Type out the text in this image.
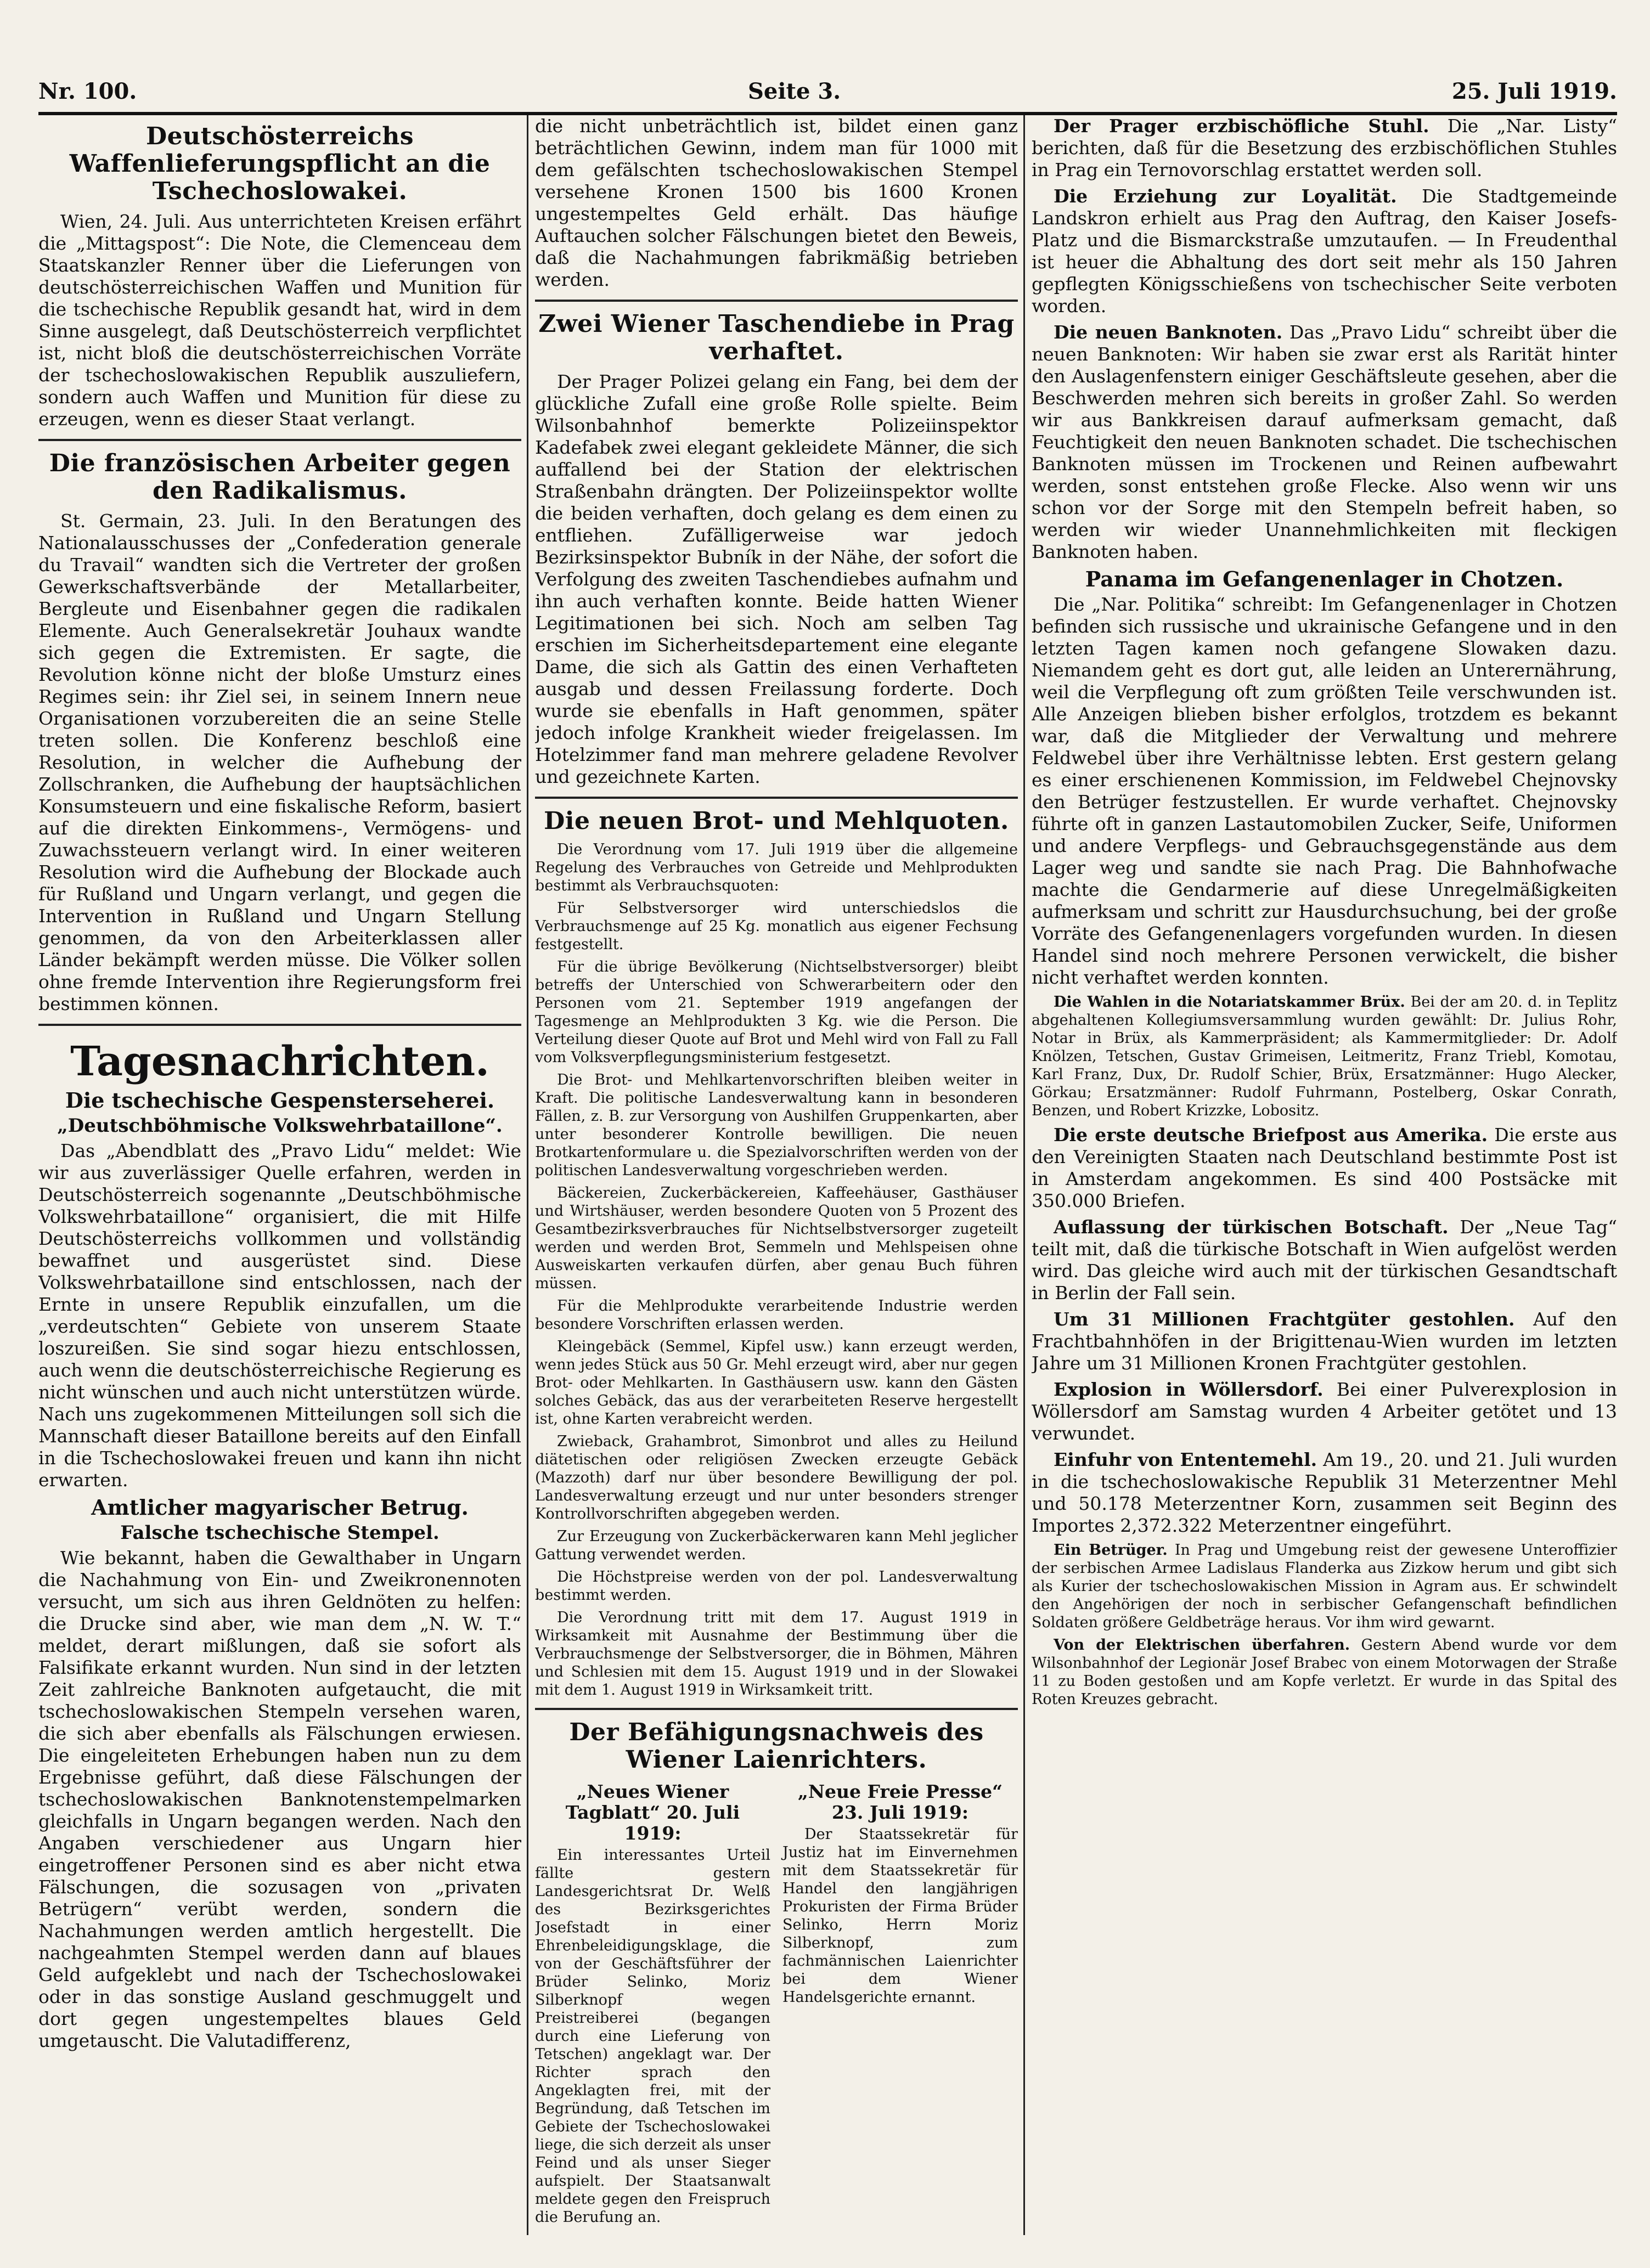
Nr. 100.	Seite 3.	25. Juli 1919.
Deutschösterreichs Waffenlieferungspflicht an die Tschechoslowakei.

Wien, 24. Juli. Aus unterrichteten Kreisen erfährt die „Mittagspost“: Die Note, die Clemenceau dem Staatskanzler Renner über die Lieferungen von deutschösterreichischen Waffen und Munition für die tschechische Republik gesandt hat, wird in dem Sinne ausgelegt, daß Deutschösterreich verpflichtet ist, nicht bloß die deutschösterreichischen Vorräte der tschechoslowakischen Republik auszuliefern, sondern auch Waffen und Munition für diese zu erzeugen, wenn es dieser Staat verlangt.

Die französischen Arbeiter gegen den Radikalismus.

St. Germain, 23. Juli. In den Beratungen des Nationalausschusses der „Confederation generale du Travail“ wandten sich die Vertreter der großen Gewerkschaftsverbände der Metallarbeiter, Bergleute und Eisenbahner gegen die radikalen Elemente. Auch Generalsekretär Jouhaux wandte sich gegen die Extremisten. Er sagte, die Revolution könne nicht der bloße Umsturz eines Regimes sein: ihr Ziel sei, in seinem Innern neue Organisationen vorzubereiten die an seine Stelle treten sollen. Die Konferenz beschloß eine Resolution, in welcher die Aufhebung der Zollschranken, die Aufhebung der hauptsächlichen Konsumsteuern und eine fiskalische Reform, basiert auf die direkten Einkommens-, Vermögens- und Zuwachssteuern verlangt wird. In einer weiteren Resolution wird die Aufhebung der Blockade auch für Rußland und Ungarn verlangt, und gegen die Intervention in Rußland und Ungarn Stellung genommen, da von den Arbeiterklassen aller Länder bekämpft werden müsse. Die Völker sollen ohne fremde Intervention ihre Regierungsform frei bestimmen können.

Tagesnachrichten.
Die tschechische Gespensterseherei.
„Deutschböhmische Volkswehrbataillone“.

Das „Abendblatt des „Pravo Lidu“ meldet: Wie wir aus zuverlässiger Quelle erfahren, werden in Deutschösterreich sogenannte „Deutschböhmische Volkswehrbataillone“ organisiert, die mit Hilfe Deutschösterreichs vollkommen und vollständig bewaffnet und ausgerüstet sind. Diese Volkswehrbataillone sind entschlossen, nach der Ernte in unsere Republik einzufallen, um die „verdeutschten“ Gebiete von unserem Staate loszureißen. Sie sind sogar hiezu entschlossen, auch wenn die deutschösterreichische Regierung es nicht wünschen und auch nicht unterstützen würde. Nach uns zugekommenen Mitteilungen soll sich die Mannschaft dieser Bataillone bereits auf den Einfall in die Tschechoslowakei freuen und kann ihn nicht erwarten.

Amtlicher magyarischer Betrug.
Falsche tschechische Stempel.

Wie bekannt, haben die Gewalthaber in Ungarn die Nachahmung von Ein- und Zweikronennoten versucht, um sich aus ihren Geldnöten zu helfen: die Drucke sind aber, wie man dem „N. W. T.“ meldet, derart mißlungen, daß sie sofort als Falsifikate erkannt wurden. Nun sind in der letzten Zeit zahlreiche Banknoten aufgetaucht, die mit tschechoslowakischen Stempeln versehen waren, die sich aber ebenfalls als Fälschungen erwiesen. Die eingeleiteten Erhebungen haben nun zu dem Ergebnisse geführt, daß diese Fälschungen der tschechoslowakischen Banknotenstempelmarken gleichfalls in Ungarn begangen werden. Nach den Angaben verschiedener aus Ungarn hier eingetroffener Personen sind es aber nicht etwa Fälschungen, die sozusagen von „privaten Betrügern“ verübt werden, sondern die Nachahmungen werden amtlich hergestellt. Die nachgeahmten Stempel werden dann auf blaues Geld aufgeklebt und nach der Tschechoslowakei oder in das sonstige Ausland geschmuggelt und dort gegen ungestempeltes blaues Geld umgetauscht. Die Valutadifferenz,

die nicht unbeträchtlich ist, bildet einen ganz beträchtlichen Gewinn, indem man für 1000 mit dem gefälschten tschechoslowakischen Stempel versehene Kronen 1500 bis 1600 Kronen ungestempeltes Geld erhält. Das häufige Auftauchen solcher Fälschungen bietet den Beweis, daß die Nachahmungen fabrikmäßig betrieben werden.

Zwei Wiener Taschendiebe in Prag verhaftet.

Der Prager Polizei gelang ein Fang, bei dem der glückliche Zufall eine große Rolle spielte. Beim Wilsonbahnhof bemerkte Polizeiinspektor Kadefabek zwei elegant gekleidete Männer, die sich auffallend bei der Station der elektrischen Straßenbahn drängten. Der Polizeiinspektor wollte die beiden verhaften, doch gelang es dem einen zu entfliehen. Zufälligerweise war jedoch Bezirksinspektor Bubník in der Nähe, der sofort die Verfolgung des zweiten Taschendiebes aufnahm und ihn auch verhaften konnte. Beide hatten Wiener Legitimationen bei sich. Noch am selben Tag erschien im Sicherheitsdepartement eine elegante Dame, die sich als Gattin des einen Verhafteten ausgab und dessen Freilassung forderte. Doch wurde sie ebenfalls in Haft genommen, später jedoch infolge Krankheit wieder freigelassen. Im Hotelzimmer fand man mehrere geladene Revolver und gezeichnete Karten.

Die neuen Brot- und Mehlquoten.

Die Verordnung vom 17. Juli 1919 über die allgemeine Regelung des Verbrauches von Getreide und Mehlprodukten bestimmt als Verbrauchsquoten:

Für Selbstversorger wird unterschiedslos die Verbrauchsmenge auf 25 Kg. monatlich aus eigener Fechsung festgestellt.

Für die übrige Bevölkerung (Nichtselbstversorger) bleibt betreffs der Unterschied von Schwerarbeitern oder den Personen vom 21. September 1919 angefangen der Tagesmenge an Mehlprodukten 3 Kg. wie die Person. Die Verteilung dieser Quote auf Brot und Mehl wird von Fall zu Fall vom Volksverpflegungsministerium festgesetzt.

Die Brot- und Mehlkartenvorschriften bleiben weiter in Kraft. Die politische Landesverwaltung kann in besonderen Fällen, z. B. zur Versorgung von Aushilfen Gruppenkarten, aber unter besonderer Kontrolle bewilligen. Die neuen Brotkartenformulare u. die Spezialvorschriften werden von der politischen Landesverwaltung vorgeschrieben werden.

Bäckereien, Zuckerbäckereien, Kaffeehäuser, Gasthäuser und Wirtshäuser, werden besondere Quoten von 5 Prozent des Gesamtbezirksverbrauches für Nichtselbstversorger zugeteilt werden und werden Brot, Semmeln und Mehlspeisen ohne Ausweiskarten verkaufen dürfen, aber genau Buch führen müssen.

Für die Mehlprodukte verarbeitende Industrie werden besondere Vorschriften erlassen werden.

Kleingebäck (Semmel, Kipfel usw.) kann erzeugt werden, wenn jedes Stück aus 50 Gr. Mehl erzeugt wird, aber nur gegen Brot- oder Mehlkarten. In Gasthäusern usw. kann den Gästen solches Gebäck, das aus der verarbeiteten Reserve hergestellt ist, ohne Karten verabreicht werden.

Zwieback, Grahambrot, Simonbrot und alles zu Heilund diätetischen oder religiösen Zwecken erzeugte Gebäck (Mazzoth) darf nur über besondere Bewilligung der pol. Landesverwaltung erzeugt und nur unter besonders strenger Kontrollvorschriften abgegeben werden.

Zur Erzeugung von Zuckerbäckerwaren kann Mehl jeglicher Gattung verwendet werden.

Die Höchstpreise werden von der pol. Landesverwaltung bestimmt werden.

Die Verordnung tritt mit dem 17. August 1919 in Wirksamkeit mit Ausnahme der Bestimmung über die Verbrauchsmenge der Selbstversorger, die in Böhmen, Mähren und Schlesien mit dem 15. August 1919 und in der Slowakei mit dem 1. August 1919 in Wirksamkeit tritt.

Der Befähigungsnachweis des Wiener Laienrichters.
„Neues Wiener Tagblatt“ 20. Juli 1919:

Ein interessantes Urteil fällte gestern Landesgerichtsrat Dr. Welß des Bezirksgerichtes Josefstadt in einer Ehrenbeleidigungsklage, die von der Geschäftsführer der Brüder Selinko, Moriz Silberknopf wegen Preistreiberei (begangen durch eine Lieferung von Tetschen) angeklagt war. Der Richter sprach den Angeklagten frei, mit der Begründung, daß Tetschen im Gebiete der Tschechoslowakei liege, die sich derzeit als unser Feind und als unser Sieger aufspielt. Der Staatsanwalt meldete gegen den Freispruch die Berufung an.

„Neue Freie Presse“ 23. Juli 1919:

Der Staatssekretär für Justiz hat im Einvernehmen mit dem Staatssekretär für Handel den langjährigen Prokuristen der Firma Brüder Selinko, Herrn Moriz Silberknopf, zum fachmännischen Laienrichter bei dem Wiener Handelsgerichte ernannt.

Der Prager erzbischöfliche Stuhl. Die „Nar. Listy“ berichten, daß für die Besetzung des erzbischöflichen Stuhles in Prag ein Ternovorschlag erstattet werden soll.

Die Erziehung zur Loyalität. Die Stadtgemeinde Landskron erhielt aus Prag den Auftrag, den Kaiser Josefs-Platz und die Bismarckstraße umzutaufen. — In Freudenthal ist heuer die Abhaltung des dort seit mehr als 150 Jahren gepflegten Königsschießens von tschechischer Seite verboten worden.

Die neuen Banknoten. Das „Pravo Lidu“ schreibt über die neuen Banknoten: Wir haben sie zwar erst als Rarität hinter den Auslagenfenstern einiger Geschäftsleute gesehen, aber die Beschwerden mehren sich bereits in großer Zahl. So werden wir aus Bankkreisen darauf aufmerksam gemacht, daß Feuchtigkeit den neuen Banknoten schadet. Die tschechischen Banknoten müssen im Trockenen und Reinen aufbewahrt werden, sonst entstehen große Flecke. Also wenn wir uns schon vor der Sorge mit den Stempeln befreit haben, so werden wir wieder Unannehmlichkeiten mit fleckigen Banknoten haben.

Panama im Gefangenenlager in Chotzen.

Die „Nar. Politika“ schreibt: Im Gefangenenlager in Chotzen befinden sich russische und ukrainische Gefangene und in den letzten Tagen kamen noch gefangene Slowaken dazu. Niemandem geht es dort gut, alle leiden an Unterernährung, weil die Verpflegung oft zum größten Teile verschwunden ist. Alle Anzeigen blieben bisher erfolglos, trotzdem es bekannt war, daß die Mitglieder der Verwaltung und mehrere Feldwebel über ihre Verhältnisse lebten. Erst gestern gelang es einer erschienenen Kommission, im Feldwebel Chejnovsky den Betrüger festzustellen. Er wurde verhaftet. Chejnovsky führte oft in ganzen Lastautomobilen Zucker, Seife, Uniformen und andere Verpflegs- und Gebrauchsgegenstände aus dem Lager weg und sandte sie nach Prag. Die Bahnhofwache machte die Gendarmerie auf diese Unregelmäßigkeiten aufmerksam und schritt zur Hausdurchsuchung, bei der große Vorräte des Gefangenenlagers vorgefunden wurden. In diesen Handel sind noch mehrere Personen verwickelt, die bisher nicht verhaftet werden konnten.

Die Wahlen in die Notariatskammer Brüx. Bei der am 20. d. in Teplitz abgehaltenen Kollegiumsversammlung wurden gewählt: Dr. Julius Rohr, Notar in Brüx, als Kammerpräsident; als Kammermitglieder: Dr. Adolf Knölzen, Tetschen, Gustav Grimeisen, Leitmeritz, Franz Triebl, Komotau, Karl Franz, Dux, Dr. Rudolf Schier, Brüx, Ersatzmänner: Hugo Alecker, Görkau; Ersatzmänner: Rudolf Fuhrmann, Postelberg, Oskar Conrath, Benzen, und Robert Krizzke, Lobositz.

Die erste deutsche Briefpost aus Amerika. Die erste aus den Vereinigten Staaten nach Deutschland bestimmte Post ist in Amsterdam angekommen. Es sind 400 Postsäcke mit 350.000 Briefen.

Auflassung der türkischen Botschaft. Der „Neue Tag“ teilt mit, daß die türkische Botschaft in Wien aufgelöst werden wird. Das gleiche wird auch mit der türkischen Gesandtschaft in Berlin der Fall sein.

Um 31 Millionen Frachtgüter gestohlen. Auf den Frachtbahnhöfen in der Brigittenau-Wien wurden im letzten Jahre um 31 Millionen Kronen Frachtgüter gestohlen.

Explosion in Wöllersdorf. Bei einer Pulverexplosion in Wöllersdorf am Samstag wurden 4 Arbeiter getötet und 13 verwundet.

Einfuhr von Ententemehl. Am 19., 20. und 21. Juli wurden in die tschechoslowakische Republik 31 Meterzentner Mehl und 50.178 Meterzentner Korn, zusammen seit Beginn des Importes 2,372.322 Meterzentner eingeführt.

Ein Betrüger. In Prag und Umgebung reist der gewesene Unteroffizier der serbischen Armee Ladislaus Flanderka aus Zizkow herum und gibt sich als Kurier der tschechoslowakischen Mission in Agram aus. Er schwindelt den Angehörigen der noch in serbischer Gefangenschaft befindlichen Soldaten größere Geldbeträge heraus. Vor ihm wird gewarnt.

Von der Elektrischen überfahren. Gestern Abend wurde vor dem Wilsonbahnhof der Legionär Josef Brabec von einem Motorwagen der Straße 11 zu Boden gestoßen und am Kopfe verletzt. Er wurde in das Spital des Roten Kreuzes gebracht.
